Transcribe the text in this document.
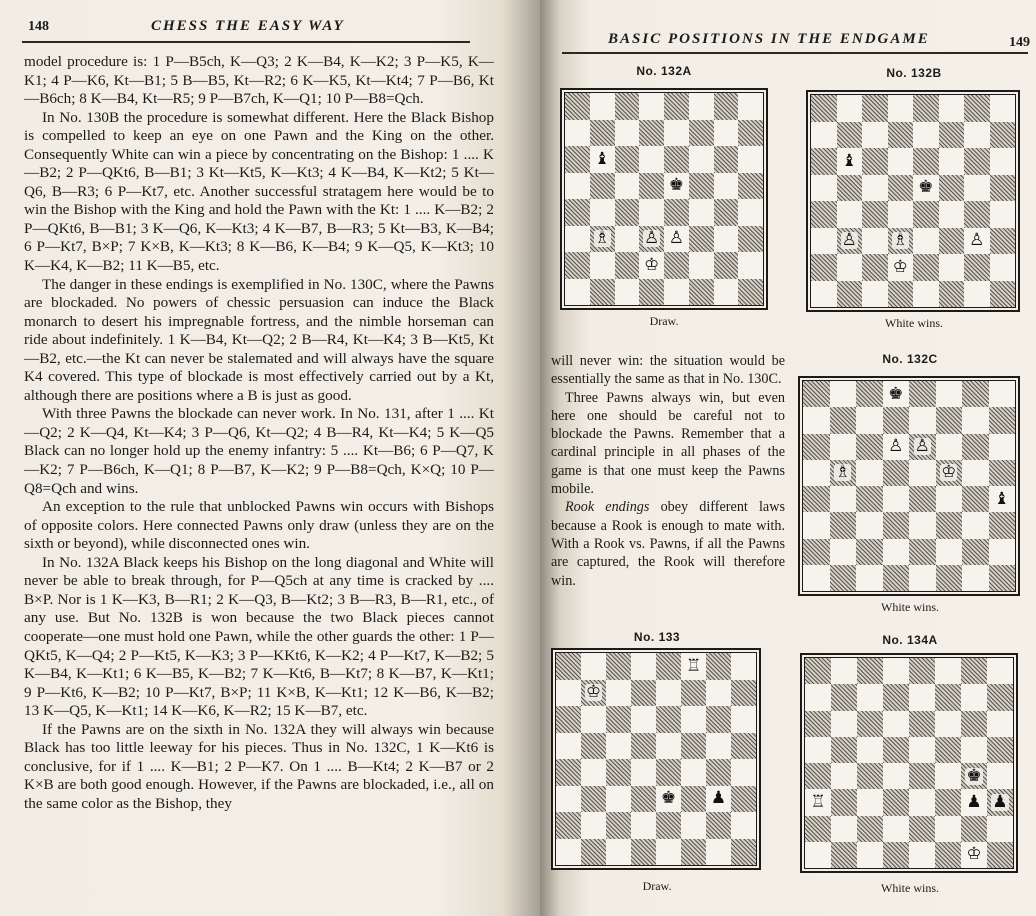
148	CHESS THE EASY WAY

model procedure is: 1 P—B5ch, K—Q3; 2 K—B4, K—K2; 3 P—K5, K—K1; 4 P—K6, Kt—B1; 5 B—B5, Kt—R2; 6 K—K5, Kt—Kt4; 7 P—B6, Kt—B6ch; 8 K—B4, Kt—R5; 9 P—B7ch, K—Q1; 10 P—B8=Qch.

In No. 130B the procedure is somewhat different. Here the Black Bishop is compelled to keep an eye on one Pawn and the King on the other. Consequently White can win a piece by concentrating on the Bishop: 1 .... K—B2; 2 P—QKt6, B—B1; 3 Kt—Kt5, K—Kt3; 4 K—B4, K—Kt2; 5 Kt—Q6, B—R3; 6 P—Kt7, etc. Another successful stratagem here would be to win the Bishop with the King and hold the Pawn with the Kt: 1 .... K—B2; 2 P—QKt6, B—B1; 3 K—Q6, K—Kt3; 4 K—B7, B—R3; 5 Kt—B3, K—B4; 6 P—Kt7, B×P; 7 K×B, K—Kt3; 8 K—B6, K—B4; 9 K—Q5, K—Kt3; 10 K—K4, K—B2; 11 K—B5, etc.

The danger in these endings is exemplified in No. 130C, where the Pawns are blockaded. No powers of chessic persuasion can induce the Black monarch to desert his impregnable fortress, and the nimble horseman can ride about indefinitely. 1 K—B4, Kt—Q2; 2 B—R4, Kt—K4; 3 B—Kt5, Kt—B2, etc.—the Kt can never be stalemated and will always have the square K4 covered. This type of blockade is most effectively carried out by a Kt, although there are positions where a B is just as good.

With three Pawns the blockade can never work. In No. 131, after 1 .... Kt—Q2; 2 K—Q4, Kt—K4; 3 P—Q6, Kt—Q2; 4 B—R4, Kt—K4; 5 K—Q5 Black can no longer hold up the enemy infantry: 5 .... Kt—B6; 6 P—Q7, K—K2; 7 P—B6ch, K—Q1; 8 P—B7, K—K2; 9 P—B8=Qch, K×Q; 10 P—Q8=Qch and wins.

An exception to the rule that unblocked Pawns win occurs with Bishops of opposite colors. Here connected Pawns only draw (unless they are on the sixth or beyond), while disconnected ones win.

In No. 132A Black keeps his Bishop on the long diagonal and White will never be able to break through, for P—Q5ch at any time is cracked by .... B×P. Nor is 1 K—K3, B—R1; 2 K—Q3, B—Kt2; 3 B—R3, B—R1, etc., of any use. But No. 132B is won because the two Black pieces cannot cooperate—one must hold one Pawn, while the other guards the other: 1 P—QKt5, K—Q4; 2 P—Kt5, K—K3; 3 P—KKt6, K—K2; 4 P—Kt7, K—B2; 5 K—B4, K—Kt1; 6 K—B5, K—B2; 7 K—Kt6, B—Kt7; 8 K—B7, K—Kt1; 9 P—Kt6, K—B2; 10 P—Kt7, B×P; 11 K×B, K—Kt1; 12 K—B6, K—B2; 13 K—Q5, K—Kt1; 14 K—K6, K—R2; 15 K—B7, etc.

If the Pawns are on the sixth in No. 132A they will always win because Black has too little leeway for his pieces. Thus in No. 132C, 1 K—Kt6 is conclusive, for if 1 .... K—B1; 2 P—K7. On 1 .... B—Kt4; 2 K—B7 or 2 K×B are both good enough. However, if the Pawns are blockaded, i.e., all on the same color as the Bishop, they

BASIC POSITIONS IN THE ENDGAME	149
No. 132A
♝
♚
♗ ♙ ♙
♔
Draw.
No. 132B
♝
♚
♙ ♗	♙
♔
White wins.

will never win: the situation would be essentially the same as that in No. 130C.

Three Pawns always win, but even here one should be careful not to blockade the Pawns. Remember that a cardinal principle in all phases of the game is that one must keep the Pawns mobile.

Rook endings obey different laws because a Rook is enough to mate with. With a Rook vs. Pawns, if all the Pawns are captured, the Rook will therefore win.

No. 132C
♚
♙ ♙
♗	♔
♝
White wins.
No. 133
♖
♔
♚ ♟
Draw.
No. 134A
♚
♖	♟ ♟
♔
White wins.
